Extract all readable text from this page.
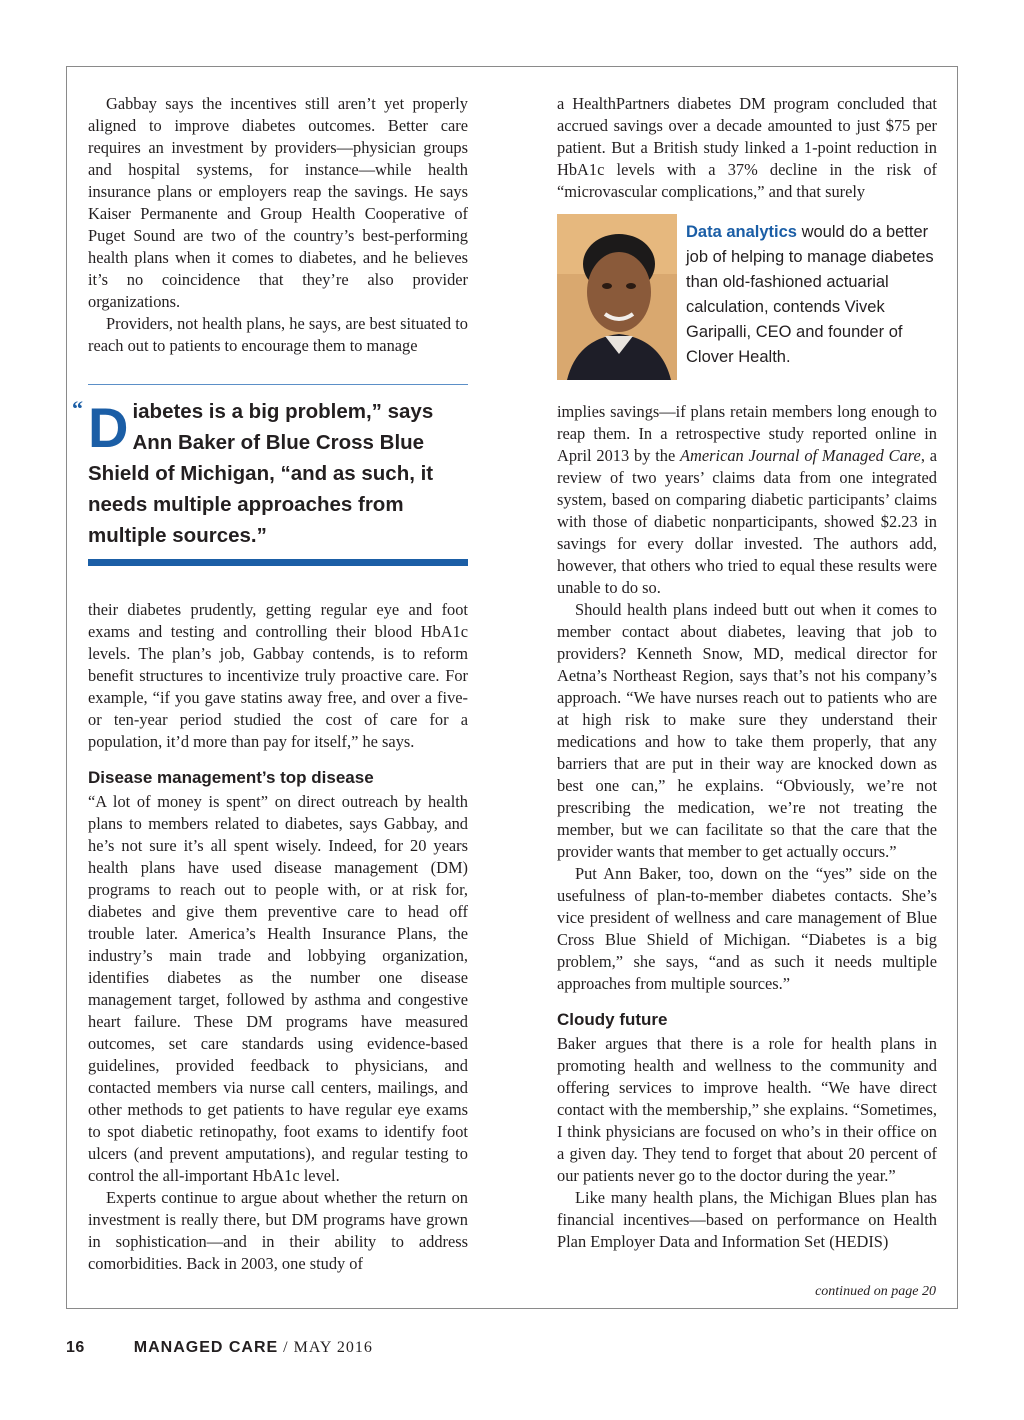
Gabbay says the incentives still aren’t yet properly aligned to improve diabetes outcomes. Better care requires an investment by providers—physician groups and hospital systems, for instance—while health insurance plans or employers reap the savings. He says Kaiser Permanente and Group Health Cooperative of Puget Sound are two of the country’s best-performing health plans when it comes to diabetes, and he believes it’s no coincidence that they’re also provider organizations.

Providers, not health plans, he says, are best situated to reach out to patients to encourage them to manage

“ Diabetes is a big problem,” says Ann Baker of Blue Cross Blue Shield of Michigan, “and as such, it needs multiple approaches from multiple sources.”

their diabetes prudently, getting regular eye and foot exams and testing and controlling their blood HbA1c levels. The plan’s job, Gabbay contends, is to reform benefit structures to incentivize truly proactive care. For example, “if you gave statins away free, and over a five- or ten-year period studied the cost of care for a population, it’d more than pay for itself,” he says.

Disease management’s top disease

“A lot of money is spent” on direct outreach by health plans to members related to diabetes, says Gabbay, and he’s not sure it’s all spent wisely. Indeed, for 20 years health plans have used disease management (DM) programs to reach out to people with, or at risk for, diabetes and give them preventive care to head off trouble later. America’s Health Insurance Plans, the industry’s main trade and lobbying organization, identifies diabetes as the number one disease management target, followed by asthma and congestive heart failure. These DM programs have measured outcomes, set care standards using evidence-based guidelines, provided feedback to physicians, and contacted members via nurse call centers, mailings, and other methods to get patients to have regular eye exams to spot diabetic retinopathy, foot exams to identify foot ulcers (and prevent amputations), and regular testing to control the all-important HbA1c level.

Experts continue to argue about whether the return on investment is really there, but DM programs have grown in sophistication—and in their ability to address comorbidities. Back in 2003, one study of

a HealthPartners diabetes DM program concluded that accrued savings over a decade amounted to just $75 per patient. But a British study linked a 1-point reduction in HbA1c levels with a 37% decline in the risk of “microvascular complications,” and that surely

Data analytics would do a better job of helping to manage diabetes than old-fashioned actuarial calculation, contends Vivek Garipalli, CEO and founder of Clover Health.

implies savings—if plans retain members long enough to reap them. In a retrospective study reported online in April 2013 by the American Journal of Managed Care, a review of two years’ claims data from one integrated system, based on comparing diabetic participants’ claims with those of diabetic nonparticipants, showed $2.23 in savings for every dollar invested. The authors add, however, that others who tried to equal these results were unable to do so.

Should health plans indeed butt out when it comes to member contact about diabetes, leaving that job to providers? Kenneth Snow, MD, medical director for Aetna’s Northeast Region, says that’s not his company’s approach. “We have nurses reach out to patients who are at high risk to make sure they understand their medications and how to take them properly, that any barriers that are put in their way are knocked down as best one can,” he explains. “Obviously, we’re not prescribing the medication, we’re not treating the member, but we can facilitate so that the care that the provider wants that member to get actually occurs.”

Put Ann Baker, too, down on the “yes” side on the usefulness of plan-to-member diabetes contacts. She’s vice president of wellness and care management of Blue Cross Blue Shield of Michigan. “Diabetes is a big problem,” she says, “and as such it needs multiple approaches from multiple sources.”

Cloudy future

Baker argues that there is a role for health plans in promoting health and wellness to the community and offering services to improve health. “We have direct contact with the membership,” she explains. “Sometimes, I think physicians are focused on who’s in their office on a given day. They tend to forget that about 20 percent of our patients never go to the doctor during the year.”

Like many health plans, the Michigan Blues plan has financial incentives—based on performance on Health Plan Employer Data and Information Set (HEDIS)

continued on page 20
16	MANAGED CARE / MAY 2016
